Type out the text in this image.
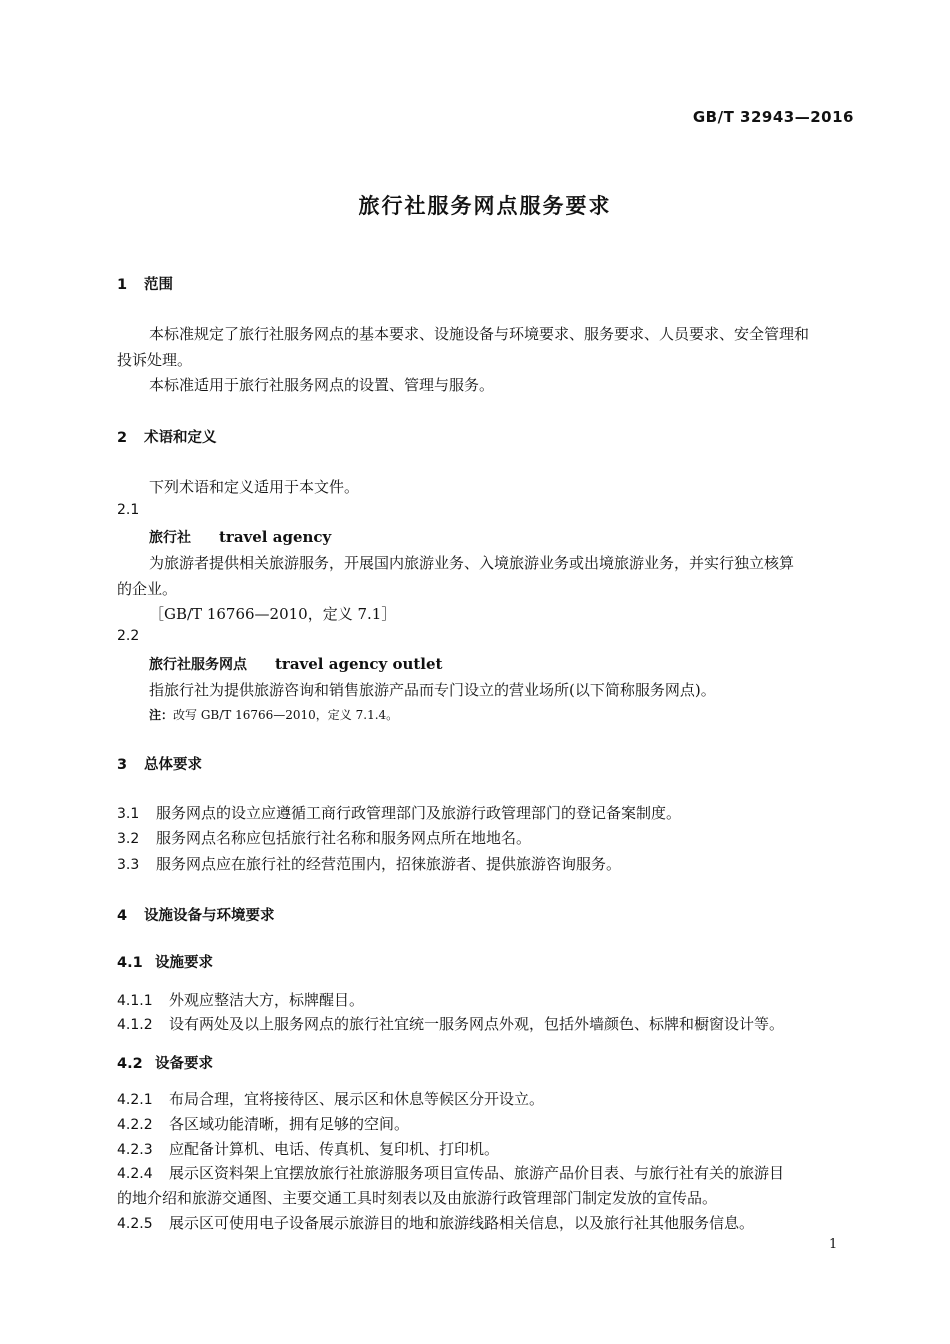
GB/T 32943—2016
旅行社服务网点服务要求
1 范围
本标准规定了旅行社服务网点的基本要求、设施设备与环境要求、服务要求、人员要求、安全管理和
投诉处理。
本标准适用于旅行社服务网点的设置、管理与服务。
2 术语和定义
下列术语和定义适用于本文件。
2.1
旅行社 travel agency
为旅游者提供相关旅游服务，开展国内旅游业务、入境旅游业务或出境旅游业务，并实行独立核算
的企业。
［GB/T 16766—2010，定义 7.1］
2.2
旅行社服务网点 travel agency outlet
指旅行社为提供旅游咨询和销售旅游产品而专门设立的营业场所(以下简称服务网点)。
注：改写 GB/T 16766—2010，定义 7.1.4。
3 总体要求
3.1 服务网点的设立应遵循工商行政管理部门及旅游行政管理部门的登记备案制度。
3.2 服务网点名称应包括旅行社名称和服务网点所在地地名。
3.3 服务网点应在旅行社的经营范围内，招徕旅游者、提供旅游咨询服务。
4 设施设备与环境要求
4.1 设施要求
4.1.1 外观应整洁大方，标牌醒目。
4.1.2 设有两处及以上服务网点的旅行社宜统一服务网点外观，包括外墙颜色、标牌和橱窗设计等。
4.2 设备要求
4.2.1 布局合理，宜将接待区、展示区和休息等候区分开设立。
4.2.2 各区域功能清晰，拥有足够的空间。
4.2.3 应配备计算机、电话、传真机、复印机、打印机。
4.2.4 展示区资料架上宜摆放旅行社旅游服务项目宣传品、旅游产品价目表、与旅行社有关的旅游目
的地介绍和旅游交通图、主要交通工具时刻表以及由旅游行政管理部门制定发放的宣传品。
4.2.5 展示区可使用电子设备展示旅游目的地和旅游线路相关信息，以及旅行社其他服务信息。
1
